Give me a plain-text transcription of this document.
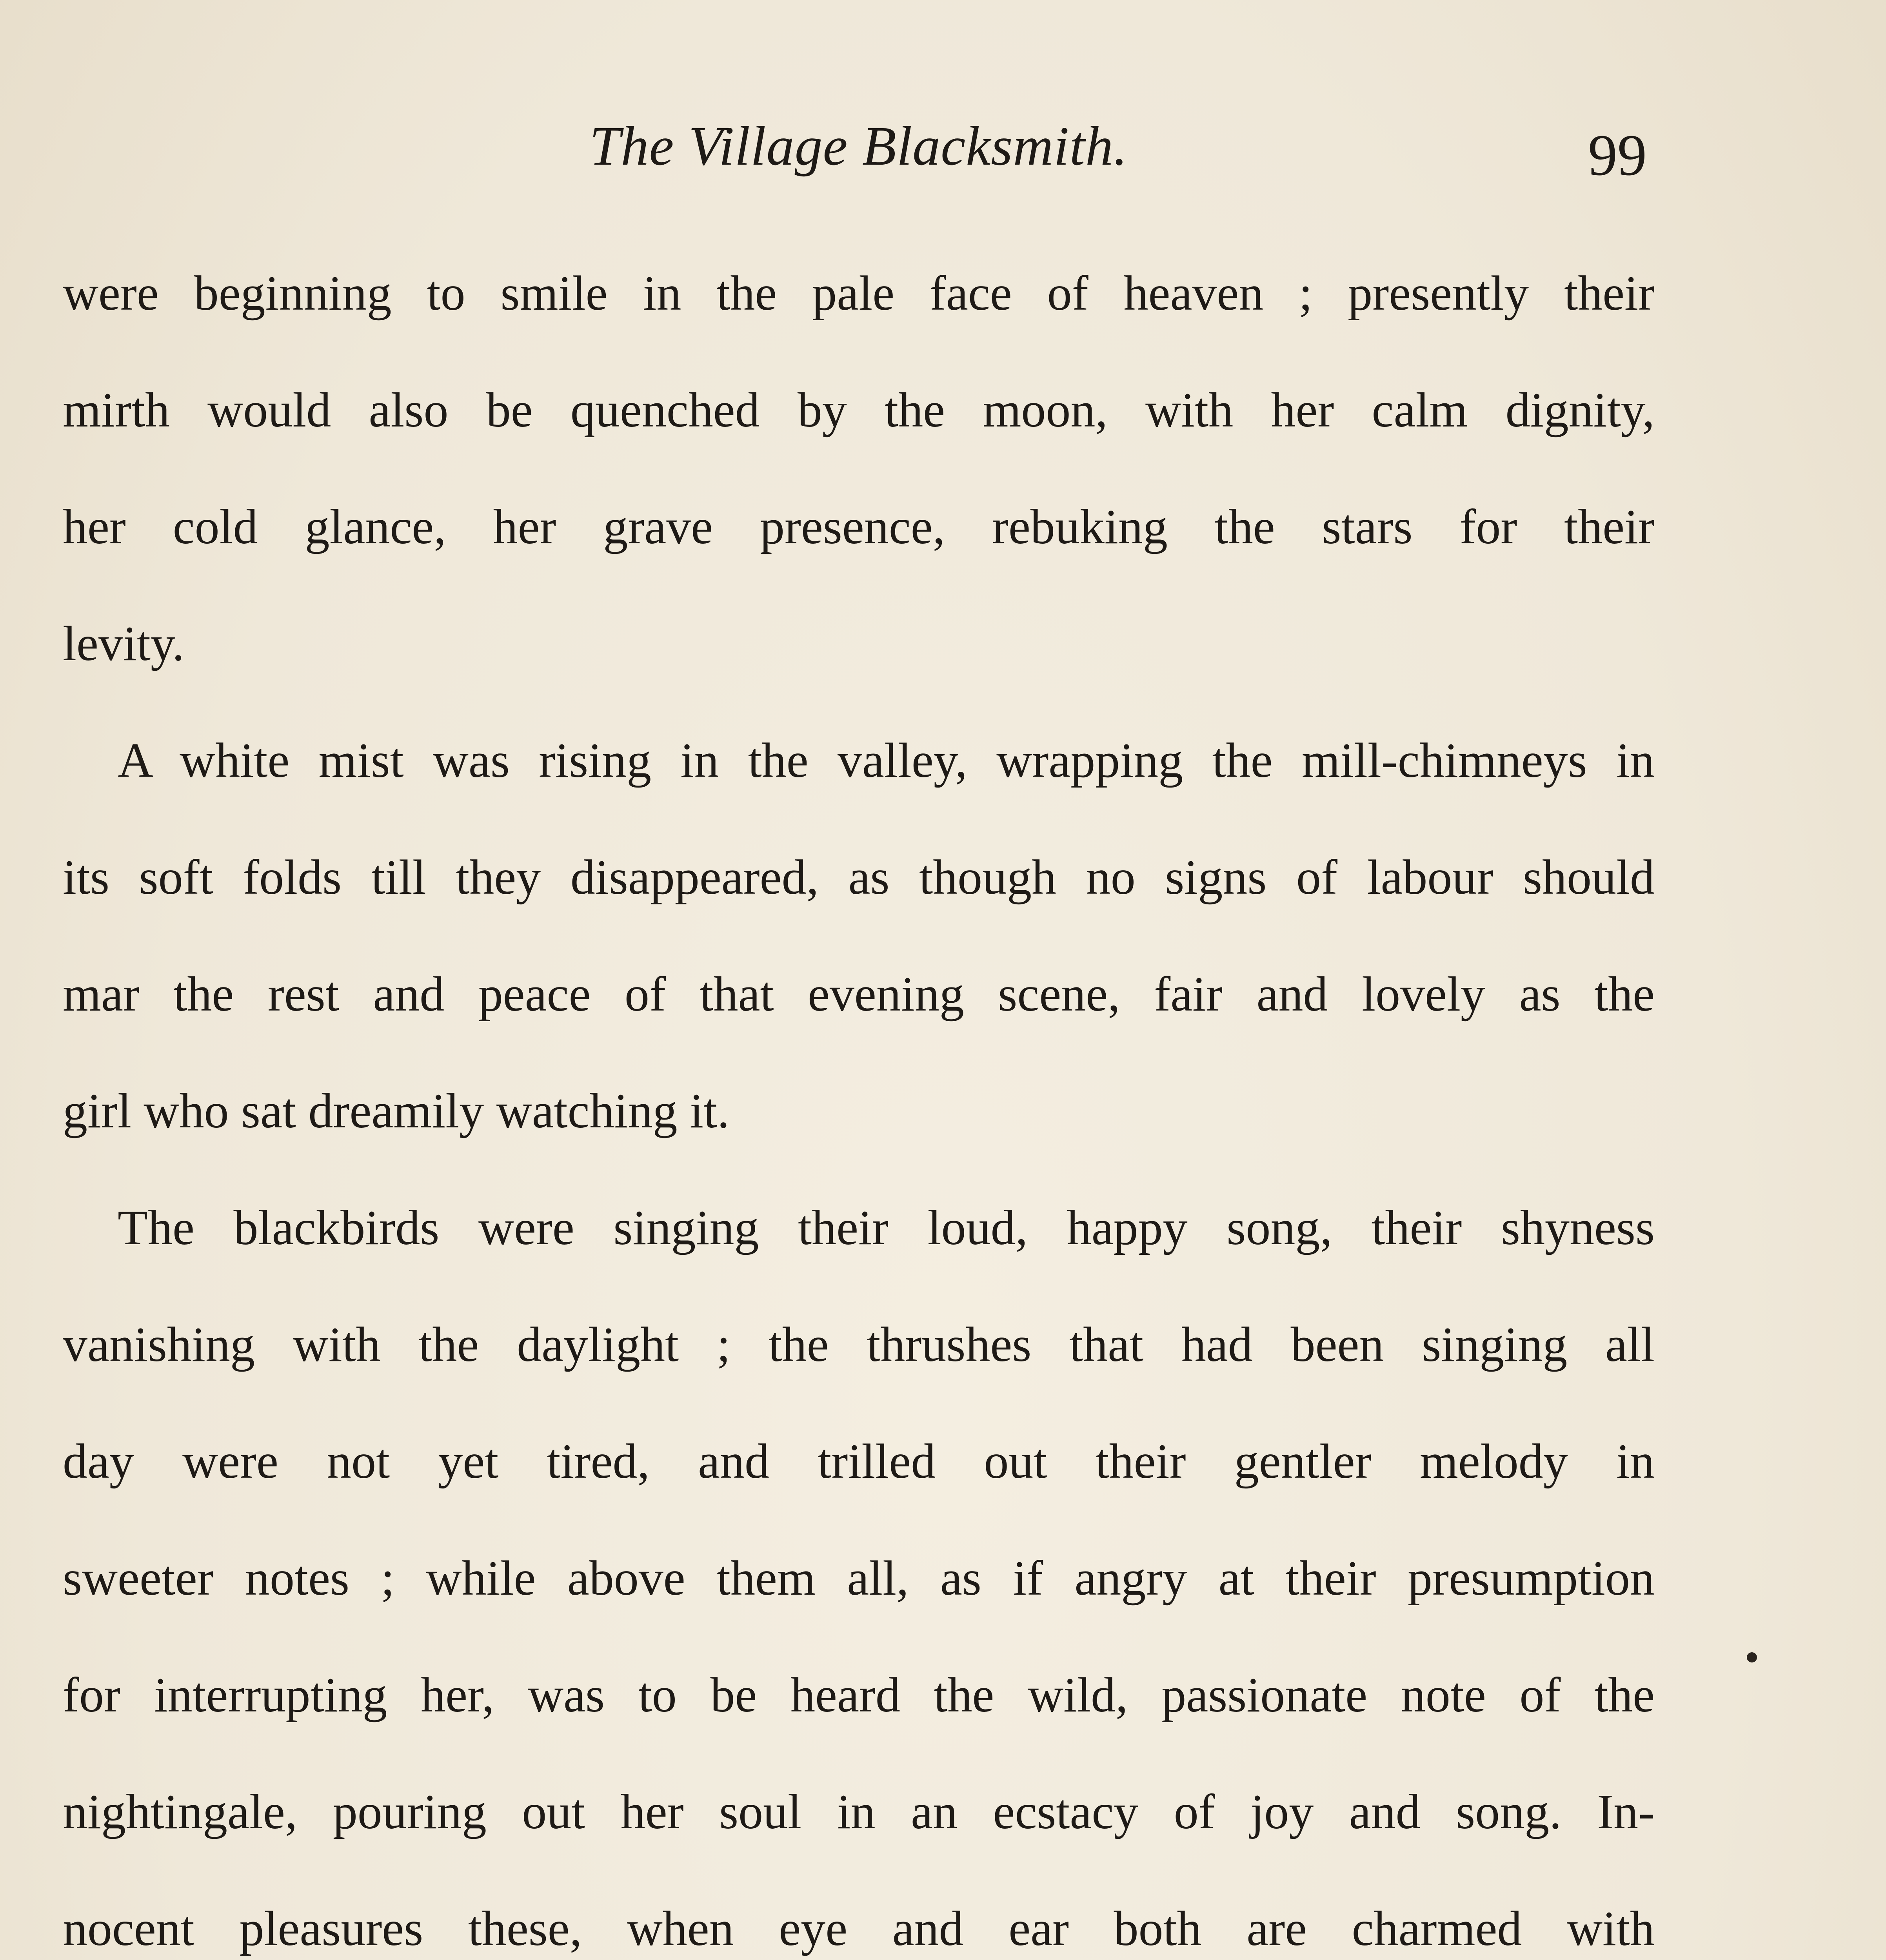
The Village Blacksmith.	99
were beginning to smile in the pale face of heaven ; presently their
mirth would also be quenched by the moon, with her calm dignity,
her cold glance, her grave presence, rebuking the stars for their
levity.
A white mist was rising in the valley, wrapping the mill-chimneys in
its soft folds till they disappeared, as though no signs of labour should
mar the rest and peace of that evening scene, fair and lovely as the
girl who sat dreamily watching it.
The blackbirds were singing their loud, happy song, their shyness
vanishing with the daylight ; the thrushes that had been singing all
day were not yet tired, and trilled out their gentler melody in
sweeter notes ; while above them all, as if angry at their presumption
for interrupting her, was to be heard the wild, passionate note of the
nightingale, pouring out her soul in an ecstacy of joy and song. In-
nocent pleasures these, when eye and ear both are charmed with
